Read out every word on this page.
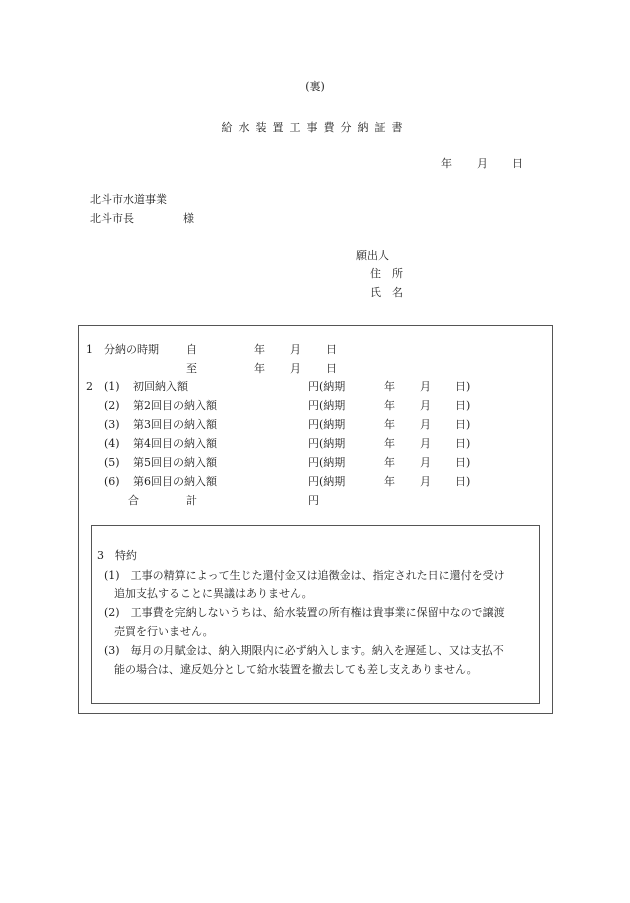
(裏)
給水装置工事費分納証書
年 月 日
北斗市水道事業
北斗市長	様
願出人
住　所
氏　名
1 分納の時期 自	年 月 日
至	年 月 日
2 (1) 初回納入額	円(納期	年 月 日)
(2) 第2回目の納入額	円(納期	年 月 日)
(3) 第3回目の納入額	円(納期	年 月 日)
(4) 第4回目の納入額	円(納期	年 月 日)
(5) 第5回目の納入額	円(納期	年 月 日)
(6) 第6回目の納入額	円(納期	年 月 日)
合	計	円
3　特約
(1)　工事の精算によって生じた還付金又は追徴金は、指定された日に還付を受け
追加支払することに異議はありません。
(2)　工事費を完納しないうちは、給水装置の所有権は貴事業に保留中なので譲渡
売買を行いません。
(3)　毎月の月賦金は、納入期限内に必ず納入します。納入を遅延し、又は支払不
能の場合は、違反処分として給水装置を撤去しても差し支えありません。
